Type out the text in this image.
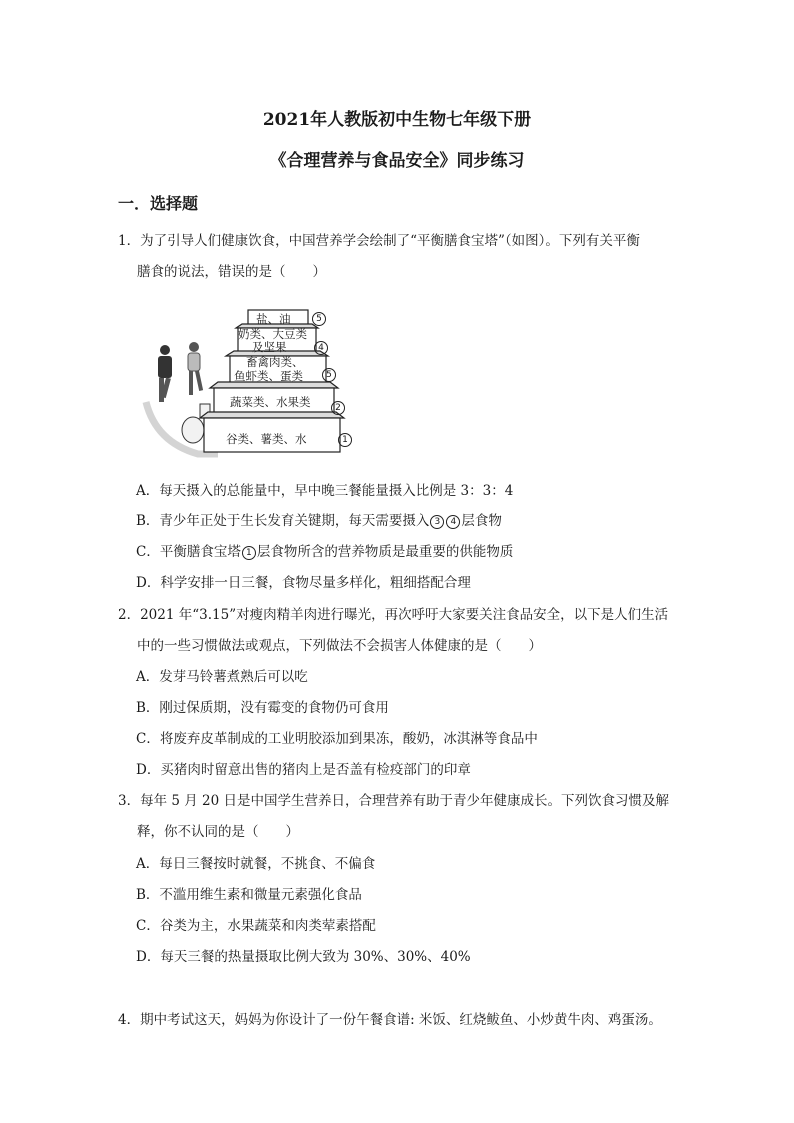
2021年人教版初中生物七年级下册
《合理营养与食品安全》同步练习
一．选择题
1．为了引导人们健康饮食，中国营养学会绘制了“平衡膳食宝塔”（如图）。下列有关平衡
膳食的说法，错误的是（　　）
盐、油	5
奶类、大豆类
及坚果	4
畜禽肉类、
鱼虾类、蛋类	5
蔬菜类、水果类	2
谷类、薯类、水	1
A．每天摄入的总能量中，早中晚三餐能量摄入比例是 3：3：4
B．青少年正处于生长发育关键期，每天需要摄入 3 4 层食物
C．平衡膳食宝塔 1 层食物所含的营养物质是最重要的供能物质
D．科学安排一日三餐，食物尽量多样化，粗细搭配合理
2．2021 年“3.15”对瘦肉精羊肉进行曝光，再次呼吁大家要关注食品安全，以下是人们生活
中的一些习惯做法或观点，下列做法不会损害人体健康的是（　　）
A．发芽马铃薯煮熟后可以吃
B．刚过保质期，没有霉变的食物仍可食用
C．将废弃皮革制成的工业明胶添加到果冻，酸奶，冰淇淋等食品中
D．买猪肉时留意出售的猪肉上是否盖有检疫部门的印章
3．每年 5 月 20 日是中国学生营养日，合理营养有助于青少年健康成长。下列饮食习惯及解
释，你不认同的是（　　）
A．每日三餐按时就餐，不挑食、不偏食
B．不滥用维生素和微量元素强化食品
C．谷类为主，水果蔬菜和肉类荤素搭配
D．每天三餐的热量摄取比例大致为 30%、30%、40%
4．期中考试这天，妈妈为你设计了一份午餐食谱: 米饭、红烧鲅鱼、小炒黄牛肉、鸡蛋汤。
